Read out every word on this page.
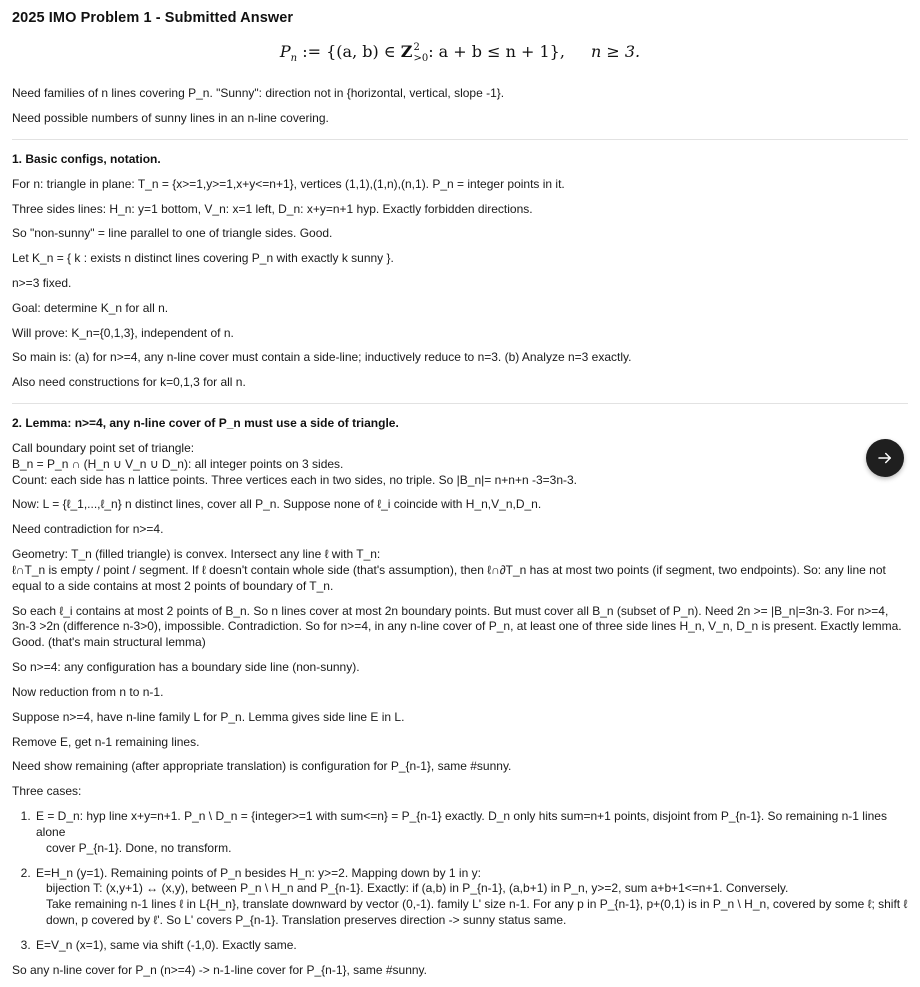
2025 IMO Problem 1 - Submitted Answer
$P_n$ := {(a, b) ∈ Z 2
>0 : a + b ≤ n + 1}, n ≥ 3.
Need families of n lines covering P_n. "Sunny": direction not in {horizontal, vertical, slope -1}.
Need possible numbers of sunny lines in an n-line covering.
1. Basic configs, notation.
For n: triangle in plane: T_n = {x>=1,y>=1,x+y<=n+1}, vertices (1,1),(1,n),(n,1). P_n = integer points in it.
Three sides lines: H_n: y=1 bottom, V_n: x=1 left, D_n: x+y=n+1 hyp. Exactly forbidden directions.
So "non-sunny" = line parallel to one of triangle sides. Good.
Let K_n = { k : exists n distinct lines covering P_n with exactly k sunny }.
n>=3 fixed.
Goal: determine K_n for all n.
Will prove: K_n={0,1,3}, independent of n.
So main is: (a) for n>=4, any n-line cover must contain a side-line; inductively reduce to n=3. (b) Analyze n=3 exactly.
Also need constructions for k=0,1,3 for all n.
2. Lemma: n>=4, any n-line cover of P_n must use a side of triangle.
Call boundary point set of triangle:
B_n = P_n ∩ (H_n ∪ V_n ∪ D_n): all integer points on 3 sides.
Count: each side has n lattice points. Three vertices each in two sides, no triple. So |B_n|= n+n+n -3=3n-3.
Now: L = {ℓ_1,...,ℓ_n} n distinct lines, cover all P_n. Suppose none of ℓ_i coincide with H_n,V_n,D_n.
Need contradiction for n>=4.
Geometry: T_n (filled triangle) is convex. Intersect any line ℓ with T_n:
ℓ∩T_n is empty / point / segment. If ℓ doesn't contain whole side (that's assumption), then ℓ∩∂T_n has at most two points (if segment, two endpoints). So: any line not
equal to a side contains at most 2 points of boundary of T_n.
So each ℓ_i contains at most 2 points of B_n. So n lines cover at most 2n boundary points. But must cover all B_n (subset of P_n). Need 2n >= |B_n|=3n-3. For n>=4, 3n-3 >2n (difference n-3>0), impossible. Contradiction. So for n>=4, in any n-line cover of P_n, at least one of three side lines H_n, V_n, D_n is present. Exactly lemma. Good. (that's main structural lemma)
So n>=4: any configuration has a boundary side line (non-sunny).
Now reduction from n to n-1.
Suppose n>=4, have n-line family L for P_n. Lemma gives side line E in L.
Remove E, get n-1 remaining lines.
Need show remaining (after appropriate translation) is configuration for P_{n-1}, same #sunny.
Three cases:
1. E = D_n: hyp line x+y=n+1. P_n \ D_n = {integer>=1 with sum<=n} = P_{n-1} exactly. D_n only hits sum=n+1 points, disjoint from P_{n-1}. So remaining n-1 lines alone
cover P_{n-1}. Done, no transform.
2. E=H_n (y=1). Remaining points of P_n besides H_n: y>=2. Mapping down by 1 in y:
bijection T: (x,y+1) ↔ (x,y), between P_n \ H_n and P_{n-1}. Exactly: if (a,b) in P_{n-1}, (a,b+1) in P_n, y>=2, sum a+b+1<=n+1. Conversely.
Take remaining n-1 lines ℓ in L{H_n}, translate downward by vector (0,-1). family L' size n-1. For any p in P_{n-1}, p+(0,1) is in P_n \ H_n, covered by some ℓ; shift ℓ
down, p covered by ℓ'. So L' covers P_{n-1}. Translation preserves direction -> sunny status same.
3. E=V_n (x=1), same via shift (-1,0). Exactly same.
So any n-line cover for P_n (n>=4) -> n-1-line cover for P_{n-1}, same #sunny.
